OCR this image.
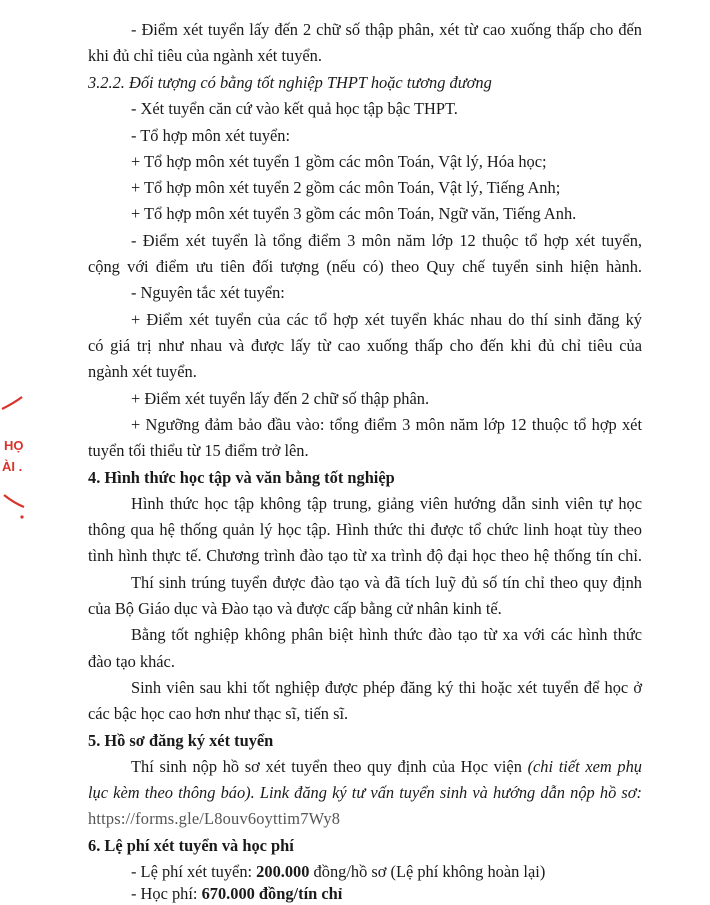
- Điểm xét tuyển lấy đến 2 chữ số thập phân, xét từ cao xuống thấp cho đến
khi đủ chỉ tiêu của ngành xét tuyển.
3.2.2. Đối tượng có bằng tốt nghiệp THPT hoặc tương đương
- Xét tuyển căn cứ vào kết quả học tập bậc THPT.
- Tổ hợp môn xét tuyển:
+ Tổ hợp môn xét tuyển 1 gồm các môn Toán, Vật lý, Hóa học;
+ Tổ hợp môn xét tuyển 2 gồm các môn Toán, Vật lý, Tiếng Anh;
+ Tổ hợp môn xét tuyển 3 gồm các môn Toán, Ngữ văn, Tiếng Anh.
- Điểm xét tuyển là tổng điểm 3 môn năm lớp 12 thuộc tổ hợp xét tuyển,
cộng với điểm ưu tiên đối tượng (nếu có) theo Quy chế tuyển sinh hiện hành.
- Nguyên tắc xét tuyển:
+ Điểm xét tuyển của các tổ hợp xét tuyển khác nhau do thí sinh đăng ký
có giá trị như nhau và được lấy từ cao xuống thấp cho đến khi đủ chỉ tiêu của
ngành xét tuyển.
+ Điểm xét tuyển lấy đến 2 chữ số thập phân.
+ Ngưỡng đảm bảo đầu vào: tổng điểm 3 môn năm lớp 12 thuộc tổ hợp xét
tuyển tối thiểu từ 15 điểm trở lên.
4. Hình thức học tập và văn bằng tốt nghiệp
Hình thức học tập không tập trung, giảng viên hướng dẫn sinh viên tự học
thông qua hệ thống quản lý học tập. Hình thức thi được tổ chức linh hoạt tùy theo
tình hình thực tế. Chương trình đào tạo từ xa trình độ đại học theo hệ thống tín chỉ.
Thí sinh trúng tuyển được đào tạo và đã tích luỹ đủ số tín chỉ theo quy định
của Bộ Giáo dục và Đào tạo và được cấp bằng cử nhân kinh tế.
Bằng tốt nghiệp không phân biệt hình thức đào tạo từ xa với các hình thức
đào tạo khác.
Sinh viên sau khi tốt nghiệp được phép đăng ký thi hoặc xét tuyển để học ở
các bậc học cao hơn như thạc sĩ, tiến sĩ.
5. Hồ sơ đăng ký xét tuyển
Thí sinh nộp hồ sơ xét tuyển theo quy định của Học viện (chi tiết xem phụ
lục kèm theo thông báo). Link đăng ký tư vấn tuyển sinh và hướng dẫn nộp hồ sơ:
https://forms.gle/L8ouv6oyttim7Wy8
6. Lệ phí xét tuyển và học phí
- Lệ phí xét tuyển: 200.000 đồng/hồ sơ (Lệ phí không hoàn lại)
- Học phí: 670.000 đồng/tín chỉ
HỌ
ÀI .
